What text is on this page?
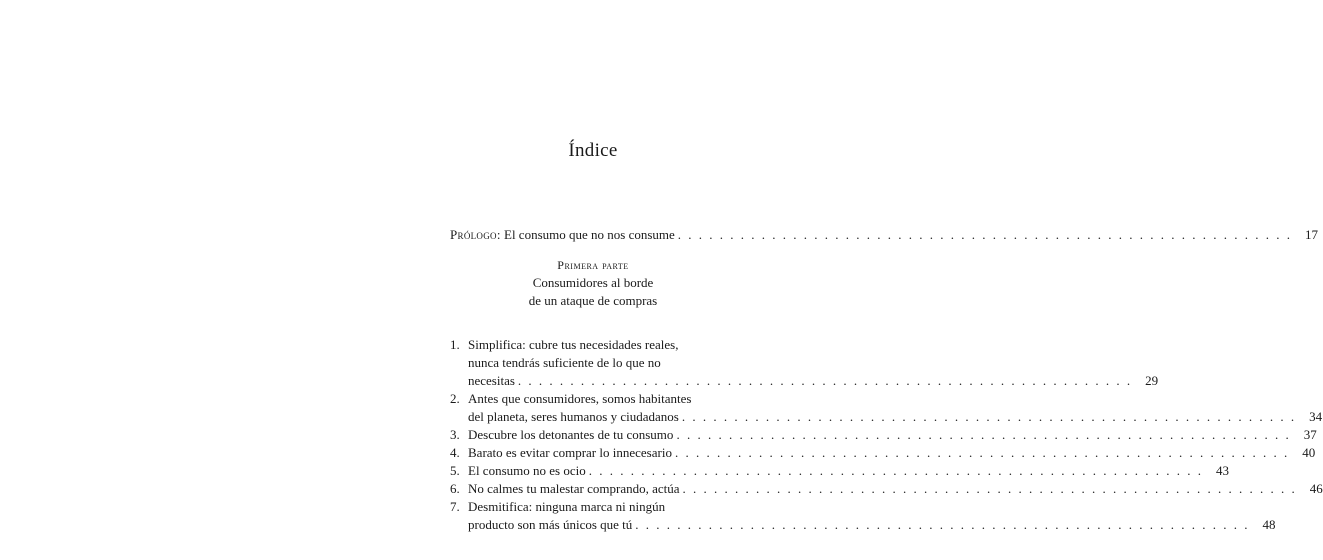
Índice
Prólogo:
El consumo que no nos consume . . .	17
Primera parte
Consumidores al borde
de un ataque de compras
1. Simplifica: cubre tus necesidades reales,
nunca tendrás suficiente de lo que no
necesitas . . .	29
2. Antes que consumidores, somos habitantes
del planeta, seres humanos y ciudadanos . . .	34
3. Descubre los detonantes de tu consumo . . .	37
4. Barato es evitar comprar lo innecesario . . .	40
5. El consumo no es ocio . . .	43
6. No calmes tu malestar comprando, actúa . . .	46
7. Desmitifica: ninguna marca ni ningún
producto son más únicos que tú . . .	48
